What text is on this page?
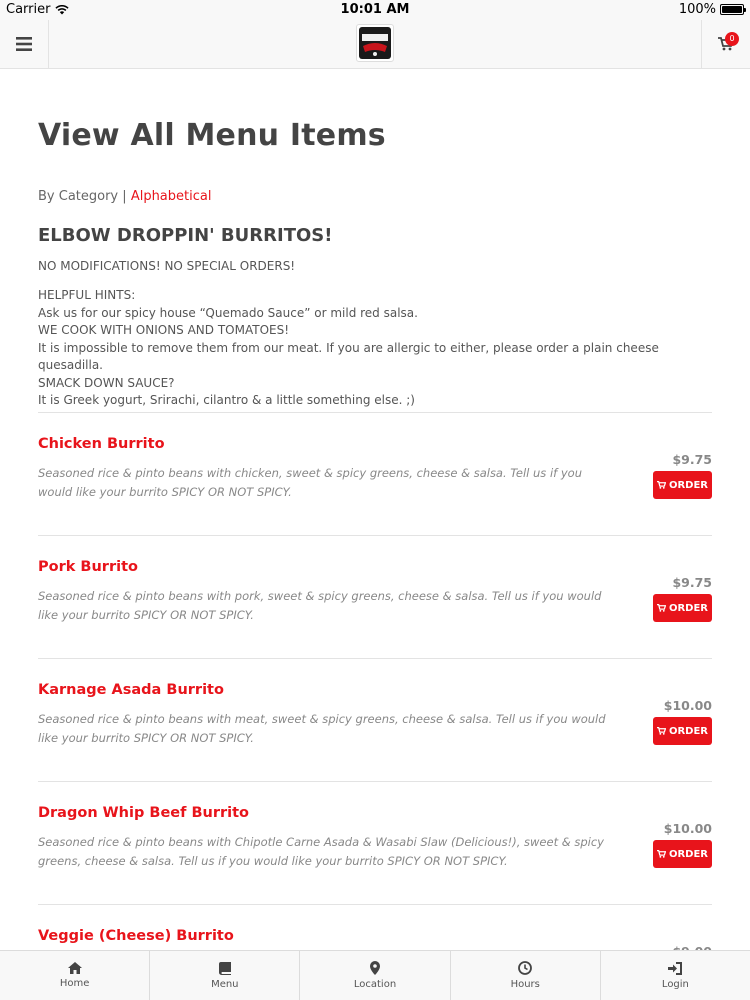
Carrier	10:01 AM	100%
0
View All Menu Items
By Category | Alphabetical
ELBOW DROPPIN' BURRITOS!

NO MODIFICATIONS! NO SPECIAL ORDERS!

HELPFUL HINTS:
Ask us for our spicy house “Quemado Sauce” or mild red salsa.
WE COOK WITH ONIONS AND TOMATOES!
It is impossible to remove them from our meat. If you are allergic to either, please order a plain cheese quesadilla.
SMACK DOWN SAUCE?
It is Greek yogurt, Srirachi, cilantro & a little something else. ;)
Chicken Burrito
Seasoned rice & pinto beans with chicken, sweet & spicy greens, cheese & salsa. Tell us if you would like your burrito SPICY OR NOT SPICY.
$9.75
ORDER
Pork Burrito
Seasoned rice & pinto beans with pork, sweet & spicy greens, cheese & salsa. Tell us if you would like your burrito SPICY OR NOT SPICY.
$9.75
ORDER
Karnage Asada Burrito
Seasoned rice & pinto beans with meat, sweet & spicy greens, cheese & salsa. Tell us if you would like your burrito SPICY OR NOT SPICY.
$10.00
ORDER
Dragon Whip Beef Burrito
Seasoned rice & pinto beans with Chipotle Carne Asada & Wasabi Slaw (Delicious!), sweet & spicy greens, cheese & salsa. Tell us if you would like your burrito SPICY OR NOT SPICY.
$10.00
ORDER
Veggie (Cheese) Burrito
Home	Menu	Location	Hours	Login
